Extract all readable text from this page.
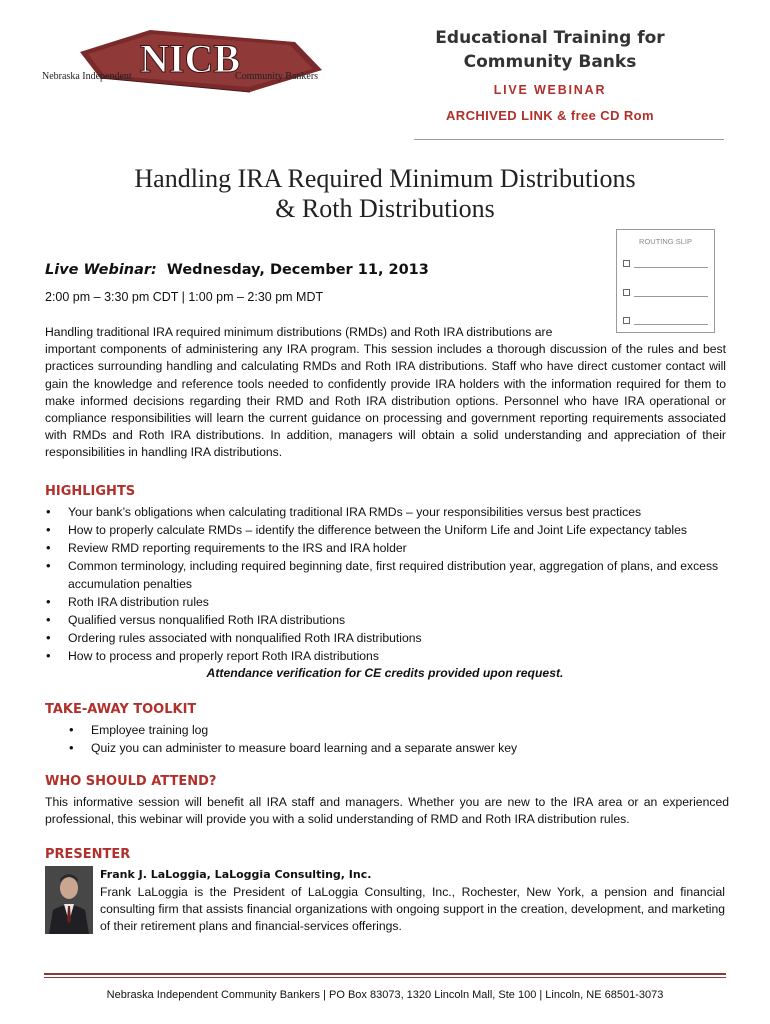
NICB
Nebraska Independent	Community Bankers
Educational Training for
Community Banks
LIVE WEBINAR
ARCHIVED LINK & free CD Rom
Handling IRA Required Minimum Distributions
& Roth Distributions
ROUTING SLIP
Live Webinar: Wednesday, December 11, 2013
2:00 pm – 3:30 pm CDT | 1:00 pm – 2:30 pm MDT
Handling traditional IRA required minimum distributions (RMDs) and Roth IRA distributions are
important components of administering any IRA program. This session includes a thorough discussion of the rules and best practices surrounding handling and calculating RMDs and Roth IRA distributions. Staff who have direct customer contact will gain the knowledge and reference tools needed to confidently provide IRA holders with the information required for them to make informed decisions regarding their RMD and Roth IRA distribution options. Personnel who have IRA operational or compliance responsibilities will learn the current guidance on processing and government reporting requirements associated with RMDs and Roth IRA distributions. In addition, managers will obtain a solid understanding and appreciation of their responsibilities in handling IRA distributions.
HIGHLIGHTS
• Your bank’s obligations when calculating traditional IRA RMDs – your responsibilities versus best practices
• How to properly calculate RMDs – identify the difference between the Uniform Life and Joint Life expectancy tables
• Review RMD reporting requirements to the IRS and IRA holder
• Common terminology, including required beginning date, first required distribution year, aggregation of plans, and excess accumulation penalties
• Roth IRA distribution rules
• Qualified versus nonqualified Roth IRA distributions
• Ordering rules associated with nonqualified Roth IRA distributions
• How to process and properly report Roth IRA distributions
Attendance verification for CE credits provided upon request.
TAKE-AWAY TOOLKIT
• Employee training log
• Quiz you can administer to measure board learning and a separate answer key
WHO SHOULD ATTEND?
This informative session will benefit all IRA staff and managers. Whether you are new to the IRA area or an experienced professional, this webinar will provide you with a solid understanding of RMD and Roth IRA distribution rules.
PRESENTER
Frank J. LaLoggia, LaLoggia Consulting, Inc.
Frank LaLoggia is the President of LaLoggia Consulting, Inc., Rochester, New York, a pension and financial consulting firm that assists financial organizations with ongoing support in the creation, development, and marketing of their retirement plans and financial-services offerings.
Nebraska Independent Community Bankers | PO Box 83073, 1320 Lincoln Mall, Ste 100 | Lincoln, NE 68501-3073
